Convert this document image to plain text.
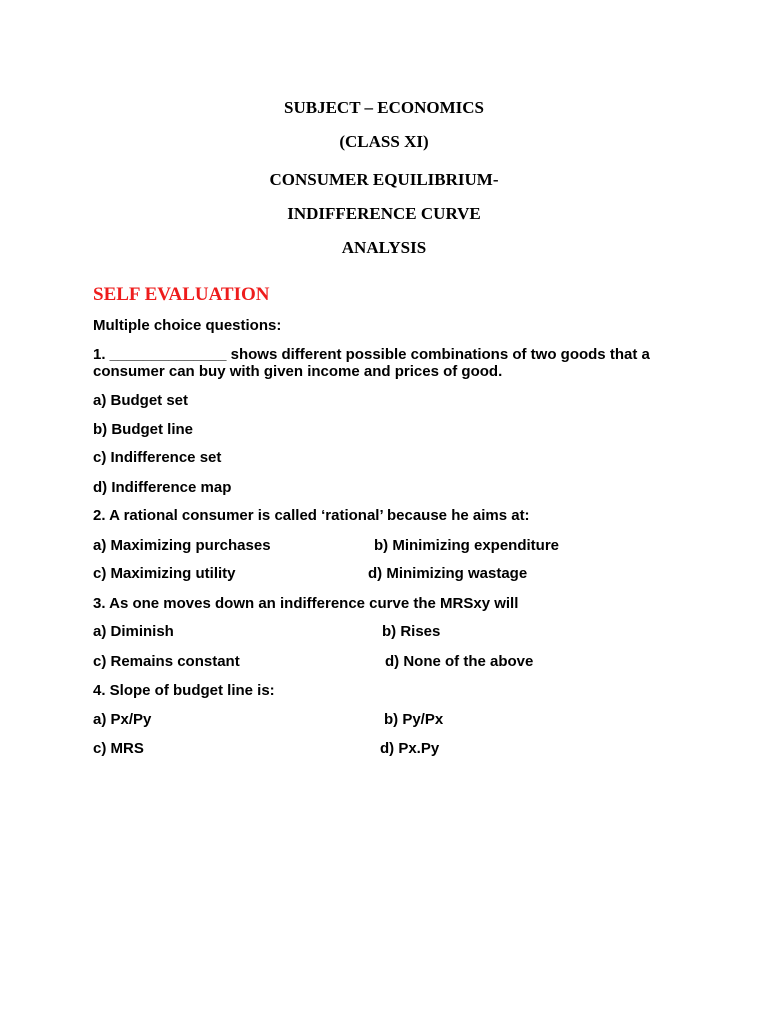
SUBJECT – ECONOMICS
(CLASS XI)
CONSUMER EQUILIBRIUM-
INDIFFERENCE CURVE
ANALYSIS
SELF EVALUATION
Multiple choice questions:
1. ______________ shows different possible combinations of two goods that a
consumer can buy with given income and prices of good.
a) Budget set
b) Budget line
c) Indifference set
d) Indifference map
2. A rational consumer is called ‘rational’ because he aims at:
a) Maximizing purchases	b) Minimizing expenditure
c) Maximizing utility	d) Minimizing wastage
3. As one moves down an indifference curve the MRSxy will
a) Diminish	b) Rises
c) Remains constant	d) None of the above
4. Slope of budget line is:
a) Px/Py	b) Py/Px
c) MRS	d) Px.Py
